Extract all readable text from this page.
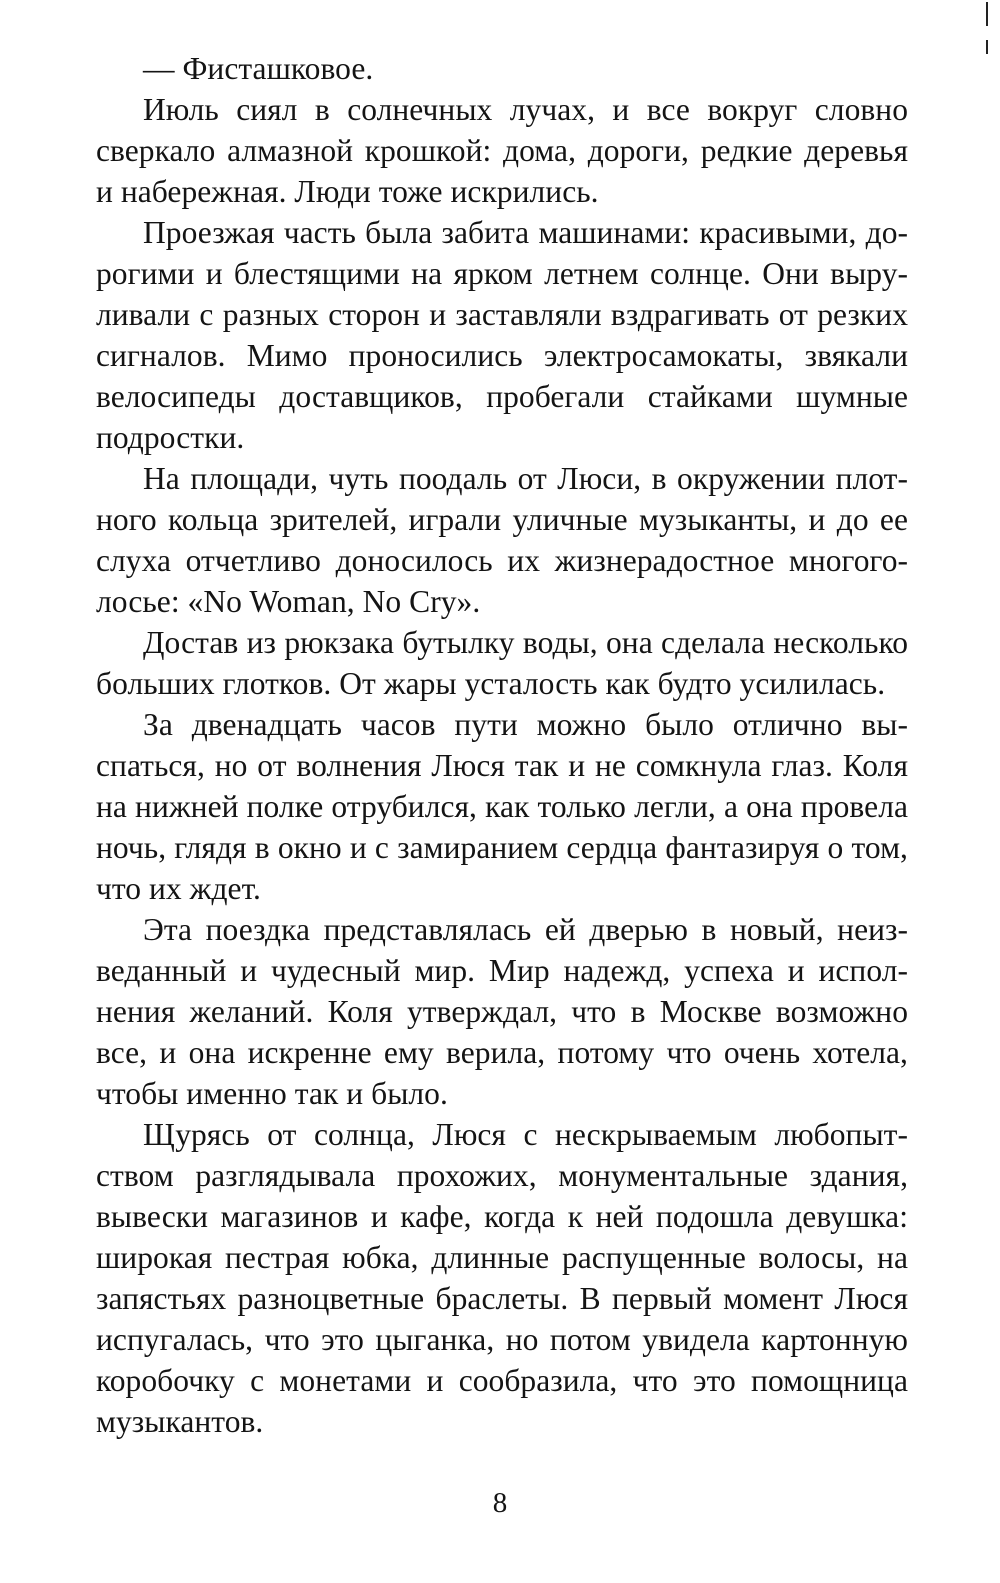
— Фисташковое.

Июль сиял в солнечных лучах, и все вокруг словно сверкало алмазной крошкой: дома, дороги, редкие деревья и набережная. Люди тоже искрились.

Проезжая часть была забита машинами: красивыми, дорогими и блестящими на ярком летнем солнце. Они выруливали с разных сторон и заставляли вздрагивать от резких сигналов. Мимо проносились электросамокаты, звякали велосипеды доставщиков, пробегали стайками шумные подростки.

На площади, чуть поодаль от Люси, в окружении плотного кольца зрителей, играли уличные музыканты, и до ее слуха отчетливо доносилось их жизнерадостное многоголосье: «No Woman, No Cry».

Достав из рюкзака бутылку воды, она сделала несколько больших глотков. От жары усталость как будто усилилась.

За двенадцать часов пути можно было отлично выспаться, но от волнения Люся так и не сомкнула глаз. Коля на нижней полке отрубился, как только легли, а она провела ночь, глядя в окно и с замиранием сердца фантазируя о том, что их ждет.

Эта поездка представлялась ей дверью в новый, неизведанный и чудесный мир. Мир надежд, успеха и исполнения желаний. Коля утверждал, что в Москве возможно все, и она искренне ему верила, потому что очень хотела, чтобы именно так и было.

Щурясь от солнца, Люся с нескрываемым любопытством разглядывала прохожих, монументальные здания, вывески магазинов и кафе, когда к ней подошла девушка: широкая пестрая юбка, длинные распущенные волосы, на запястьях разноцветные браслеты. В первый момент Люся испугалась, что это цыганка, но потом увидела картонную коробочку с монетами и сообразила, что это помощница музыкантов.

8
